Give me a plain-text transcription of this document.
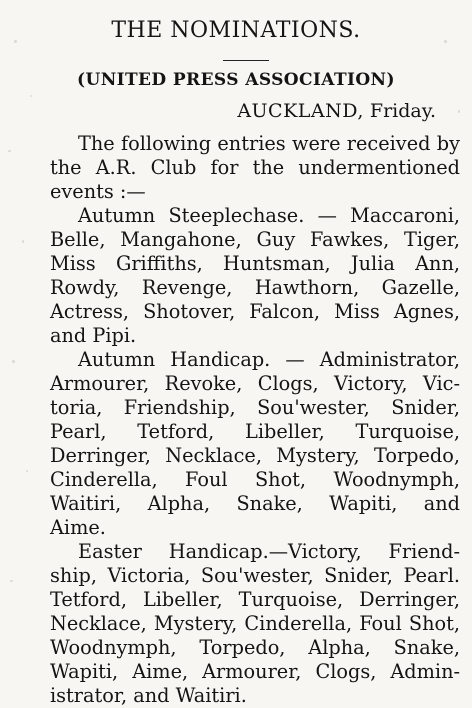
THE NOMINATIONS.
(UNITED PRESS ASSOCIATION)
AUCKLAND, Friday.
The following entries were received by
the A.R. Club for the undermentioned
events :—
Autumn Steeplechase. — Maccaroni,
Belle, Mangahone, Guy Fawkes, Tiger,
Miss Griffiths, Huntsman, Julia Ann,
Rowdy, Revenge, Hawthorn, Gazelle,
Actress, Shotover, Falcon, Miss Agnes,
and Pipi.
Autumn Handicap. — Administrator,
Armourer, Revoke, Clogs, Victory, Vic-
toria, Friendship, Sou'wester, Snider,
Pearl, Tetford, Libeller, Turquoise,
Derringer, Necklace, Mystery, Torpedo,
Cinderella, Foul Shot, Woodnymph,
Waitiri, Alpha, Snake, Wapiti, and
Aime.
Easter Handicap.—Victory, Friend-
ship, Victoria, Sou'wester, Snider, Pearl.
Tetford, Libeller, Turquoise, Derringer,
Necklace, Mystery, Cinderella, Foul Shot,
Woodnymph, Torpedo, Alpha, Snake,
Wapiti, Aime, Armourer, Clogs, Admin-
istrator, and Waitiri.
